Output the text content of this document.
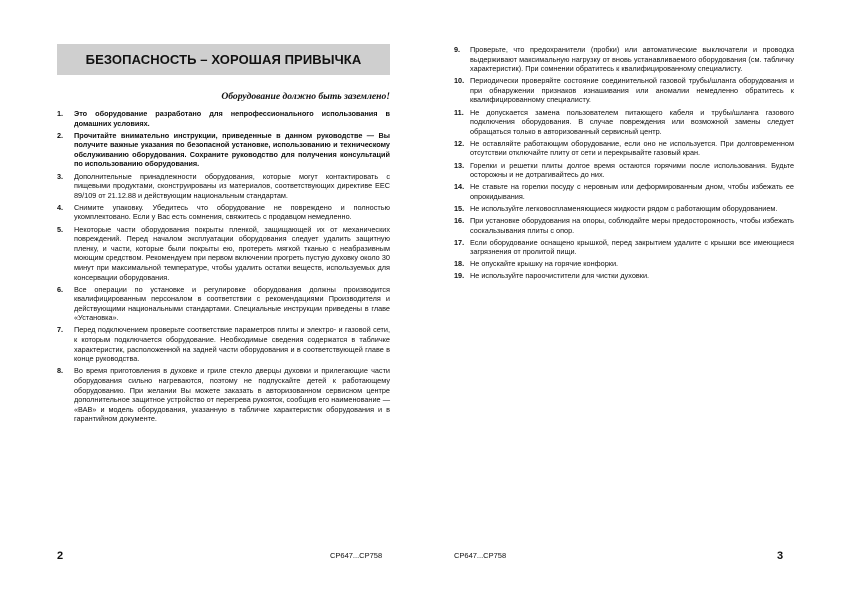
БЕЗОПАСНОСТЬ – ХОРОШАЯ ПРИВЫЧКА
Оборудование должно быть заземлено!
1.	Это оборудование разработано для непрофессионального использования в домашних условиях.
2.	Прочитайте внимательно инструкции, приведенные в данном руководстве — Вы получите важные указания по безопасной установке, использованию и техническому обслуживанию оборудования. Сохраните руководство для получения консультаций по использованию оборудования.
3.	Дополнительные принадлежности оборудования, которые могут контактировать с пищевыми продуктами, сконструированы из материалов, соответствующих директиве ЕЕС 89/109 от 21.12.88 и действующим национальным стандартам.
4.	Снимите упаковку. Убедитесь что оборудование не повреждено и полностью укомплектовано. Если у Вас есть сомнения, свяжитесь с продавцом немедленно.
5.	Некоторые части оборудования покрыты пленкой, защищающей их от механических повреждений. Перед началом эксплуатации оборудования следует удалить защитную пленку, и части, которые были покрыты ею, протереть мягкой тканью с неабразивным моющим средством. Рекомендуем при первом включении прогреть пустую духовку около 30 минут при максимальной температуре, чтобы удалить остатки веществ, используемых для консервации оборудования.
6.	Все операции по установке и регулировке оборудования должны производится квалифицированным персоналом в соответствии с рекомендациями Производителя и действующими национальными стандартами. Специальные инструкции приведены в главе «Установка».
7.	Перед подключением проверьте соответствие параметров плиты и электро- и газовой сети, к которым подключается оборудование. Необходимые сведения содержатся в табличке характеристик, расположенной на задней части оборудования и в соответствующей главе в конце руководства.
8.	Во время приготовления в духовке и гриле стекло дверцы духовки и прилегающие части оборудования сильно нагреваются, поэтому не подпускайте детей к работающему оборудованию. При желании Вы можете заказать в авторизованном сервисном центре дополнительное защитное устройство от перегрева рукояток, сообщив его наименование — «ВАВ» и модель оборудования, указанную в табличке характеристик оборудования и в гарантийном документе.
2	CP647...CP758
9.	Проверьте, что предохранители (пробки) или автоматические выключатели и проводка выдерживают максимальную нагрузку от вновь устанавливаемого оборудования (см. табличку характеристик). При сомнении обратитесь к квалифицированному специалисту.
10. Периодически проверяйте состояние соединительной газовой трубы/шланга оборудования и при обнаружении признаков изнашивания или аномалии немедленно обратитесь к квалифицированному специалисту.
11. Не допускается замена пользователем питающего кабеля и трубы/шланга газового подключения оборудования. В случае повреждения или возможной замены следует обращаться только в авторизованный сервисный центр.
12. Не оставляйте работающим оборудование, если оно не используется. При долговременном отсутствии отключайте плиту от сети и перекрывайте газовый кран.
13. Горелки и решетки плиты долгое время остаются горячими после использования. Будьте осторожны и не дотрагивайтесь до них.
14. Не ставьте на горелки посуду с неровным или деформированным дном, чтобы избежать ее опрокидывания.
15. Не используйте легковоспламеняющиеся жидкости рядом с работающим оборудованием.
16. При установке оборудования на опоры, соблюдайте меры предосторожность, чтобы избежать соскальзывания плиты с опор.
17. Если оборудование оснащено крышкой, перед закрытием удалите с крышки все имеющиеся загрязнения от пролитой пищи.
18. Не опускайте крышку на горячие конфорки.
19. Не используйте пароочистители для чистки духовки.
CP647...CP758	3
